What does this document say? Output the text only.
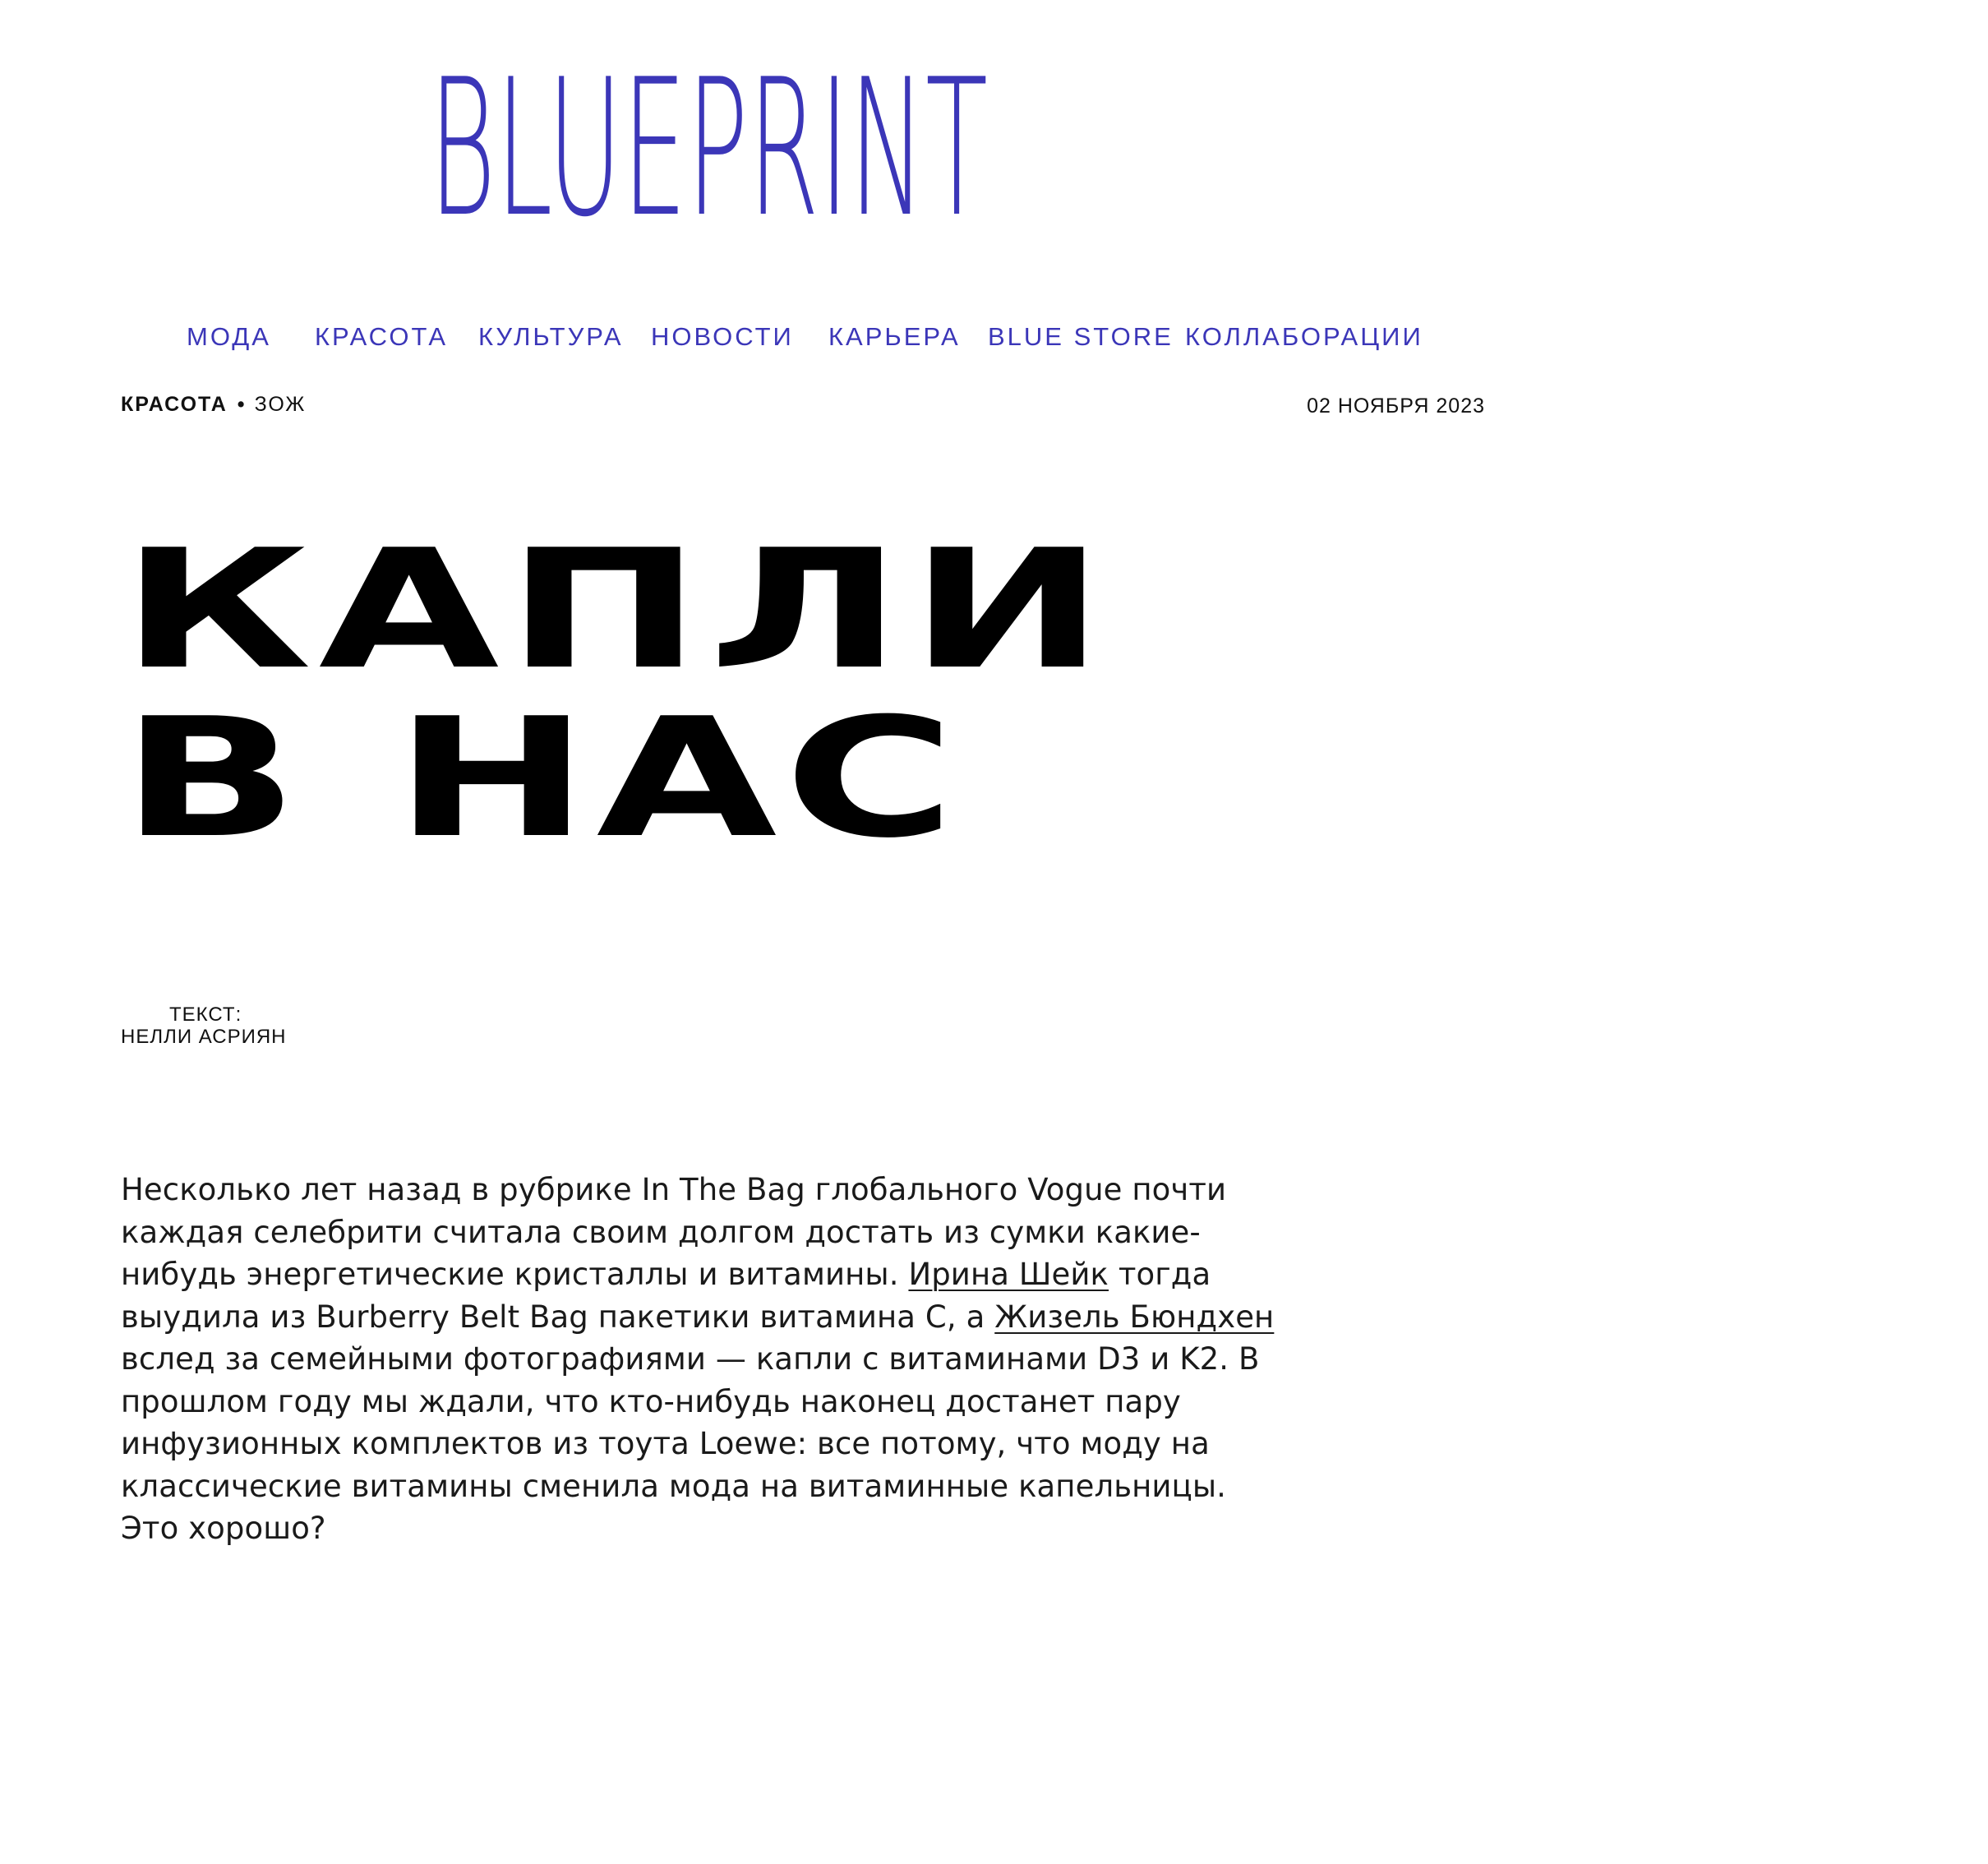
BLUEPRINT
МОДА КРАСОТА КУЛЬТУРА НОВОСТИ КАРЬЕРА BLUE STORE КОЛЛАБОРАЦИИ
КРАСОТА • ЗОЖ	02 НОЯБРЯ 2023
КАПЛИ
В НАС
ТЕКСТ:
НЕЛЛИ АСРИЯН

Несколько лет назад в рубрике In The Bag глобального Vogue почти каждая селебрити считала своим долгом достать из сумки какие-нибудь энергетические кристаллы и витамины. Ирина Шейк тогда выудила из Burberry Belt Bag пакетики витамина C, а Жизель Бюндхен вслед за семейными фотографиями — капли с витаминами D3 и K2. В прошлом году мы ждали, что кто-нибудь наконец достанет пару инфузионных комплектов из тоута Loewe: все потому, что моду на классические витамины сменила мода на витаминные капельницы. Это хорошо?
